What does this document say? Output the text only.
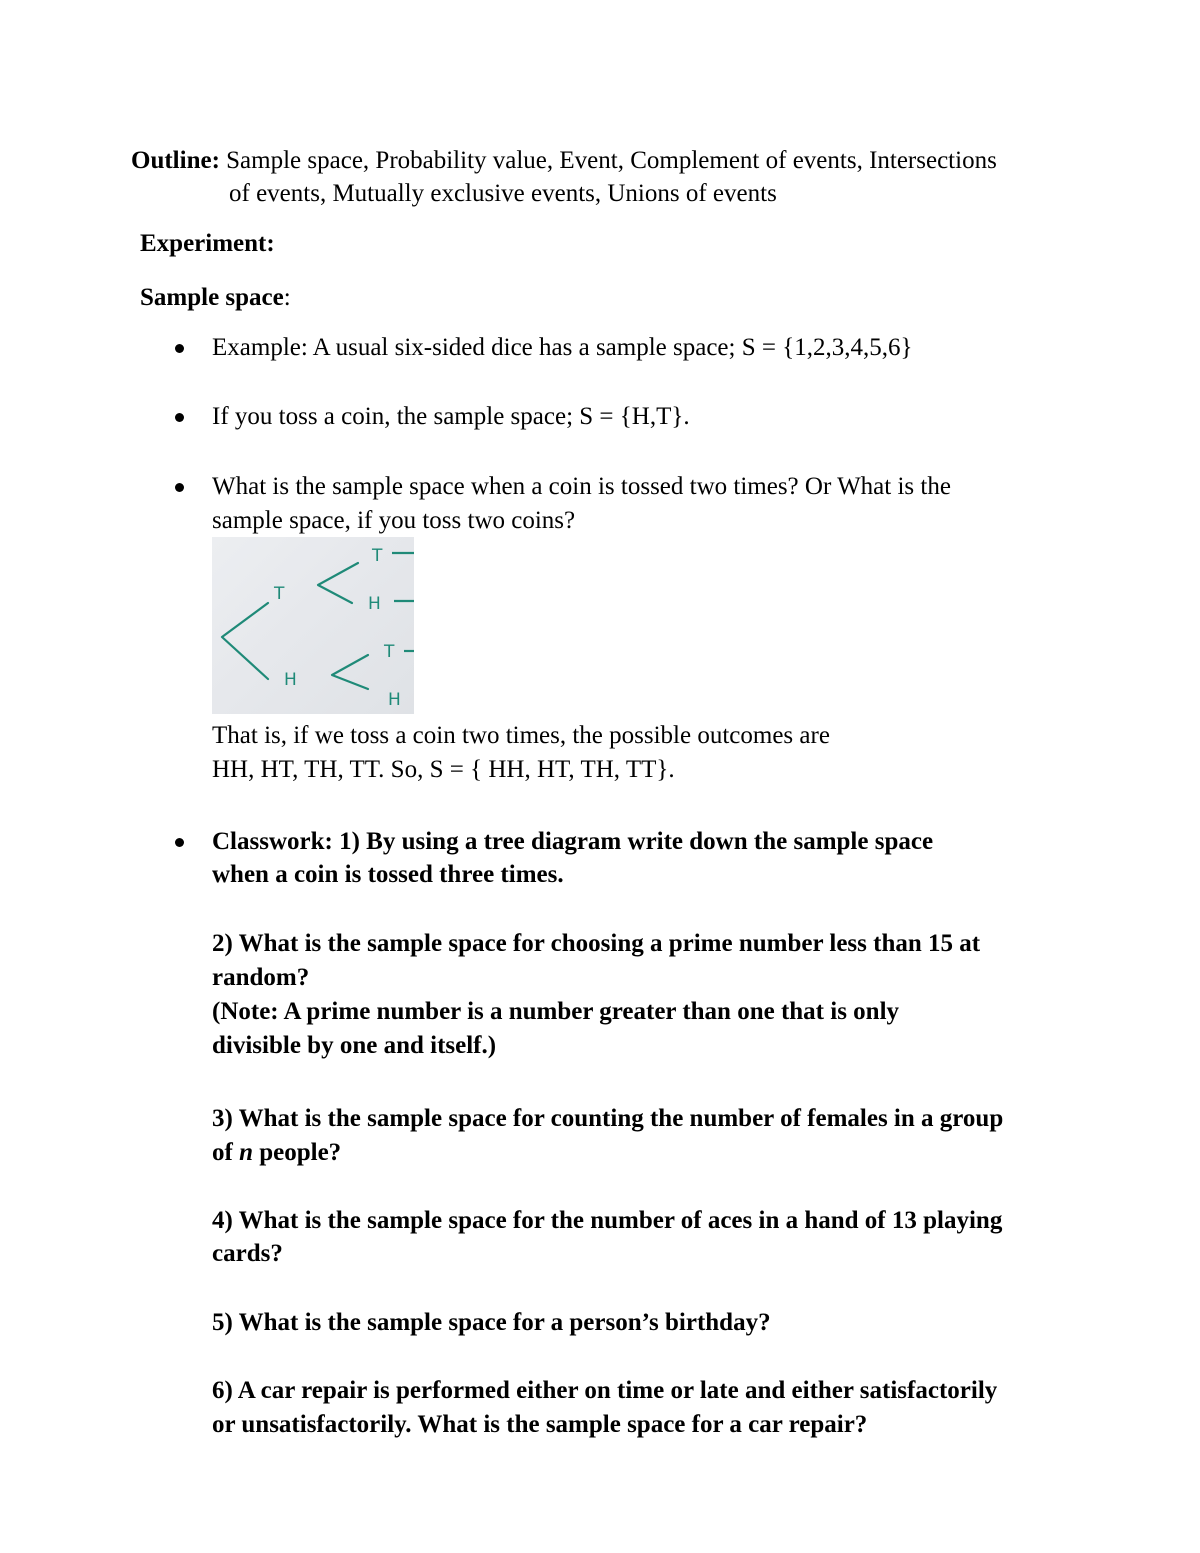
Outline: Sample space, Probability value, Event, Complement of events, Intersections
of events, Mutually exclusive events, Unions of events
Experiment:
Sample space:
Example: A usual six-sided dice has a sample space; S = {1,2,3,4,5,6}
If you toss a coin, the sample space; S = {H,T}.
What is the sample space when a coin is tossed two times? Or What is the
sample space, if you toss two coins?
T
H
T
H
T
H
That is, if we toss a coin two times, the possible outcomes are
HH, HT, TH, TT. So, S = { HH, HT, TH, TT}.
Classwork: 1) By using a tree diagram write down the sample space
when a coin is tossed three times.
2) What is the sample space for choosing a prime number less than 15 at
random?
(Note: A prime number is a number greater than one that is only
divisible by one and itself.)
3) What is the sample space for counting the number of females in a group
of n people?
4) What is the sample space for the number of aces in a hand of 13 playing
cards?
5) What is the sample space for a person’s birthday?
6) A car repair is performed either on time or late and either satisfactorily
or unsatisfactorily. What is the sample space for a car repair?
